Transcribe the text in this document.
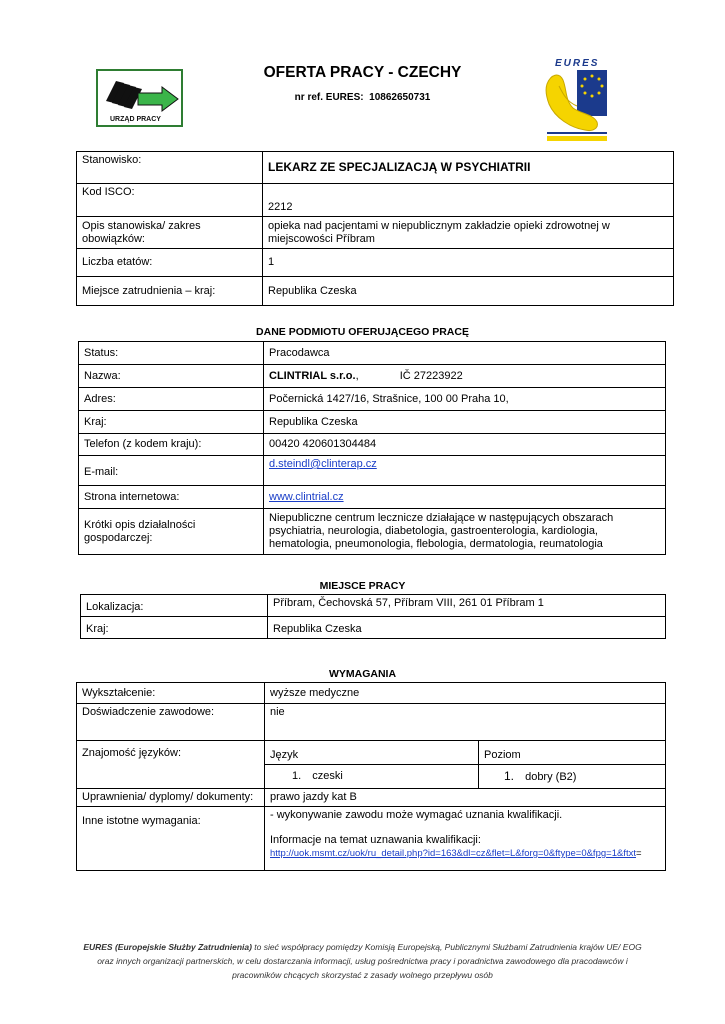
URZĄD PRACY
OFERTA PRACY - CZECHY
nr ref. EURES: 10862650731
EURES
Stanowisko:	LEKARZ ZE SPECJALIZACJĄ W PSYCHIATRII
Kod ISCO:	2212
Opis stanowiska/ zakres obowiązków:	opieka nad pacjentami w niepublicznym zakładzie opieki zdrowotnej w miejscowości Příbram
Liczba etatów:	1
Miejsce zatrudnienia – kraj:	Republika Czeska
DANE PODMIOTU OFERUJĄCEGO PRACĘ
Status:	Pracodawca
Nazwa:	CLINTRIAL s.r.o., IČ 27223922
Adres:	Počernická 1427/16, Strašnice, 100 00 Praha 10,
Kraj:	Republika Czeska
Telefon (z kodem kraju):	00420 420601304484
E-mail:	d.steindl@clinterap.cz
Strona internetowa:	www.clintrial.cz
Krótki opis działalności gospodarczej:	Niepubliczne centrum lecznicze działające w następujących obszarach psychiatria, neurologia, diabetologia, gastroenterologia, kardiologia, hematologia, pneumonologia, flebologia, dermatologia, reumatologia
MIEJSCE PRACY
Lokalizacja:	Příbram, Čechovská 57, Příbram VIII, 261 01 Příbram 1
Kraj:	Republika Czeska
WYMAGANIA
Wykształcenie:	wyższe medyczne	
Doświadczenie zawodowe:	nie	
Znajomość języków:	Język	Poziom
	1. czeski	1. dobry (B2)
Uprawnienia/ dyplomy/ dokumenty:	prawo jazdy kat B	
Inne istotne wymagania:	- wykonywanie zawodu może wymagać uznania kwalifikacji.
Informacje na temat uznawania kwalifikacji:
http://uok.msmt.cz/uok/ru_detail.php?id=163&dl=cz&flet=L&forg=0&ftype=0&fpg=1&ftxt=	
EURES (Europejskie Służby Zatrudnienia) to sieć współpracy pomiędzy Komisją Europejską, Publicznymi Służbami Zatrudnienia krajów UE/ EOG
oraz innych organizacji partnerskich, w celu dostarczania informacji, usług pośrednictwa pracy i poradnictwa zawodowego dla pracodawców i
pracowników chcących skorzystać z zasady wolnego przepływu osób
